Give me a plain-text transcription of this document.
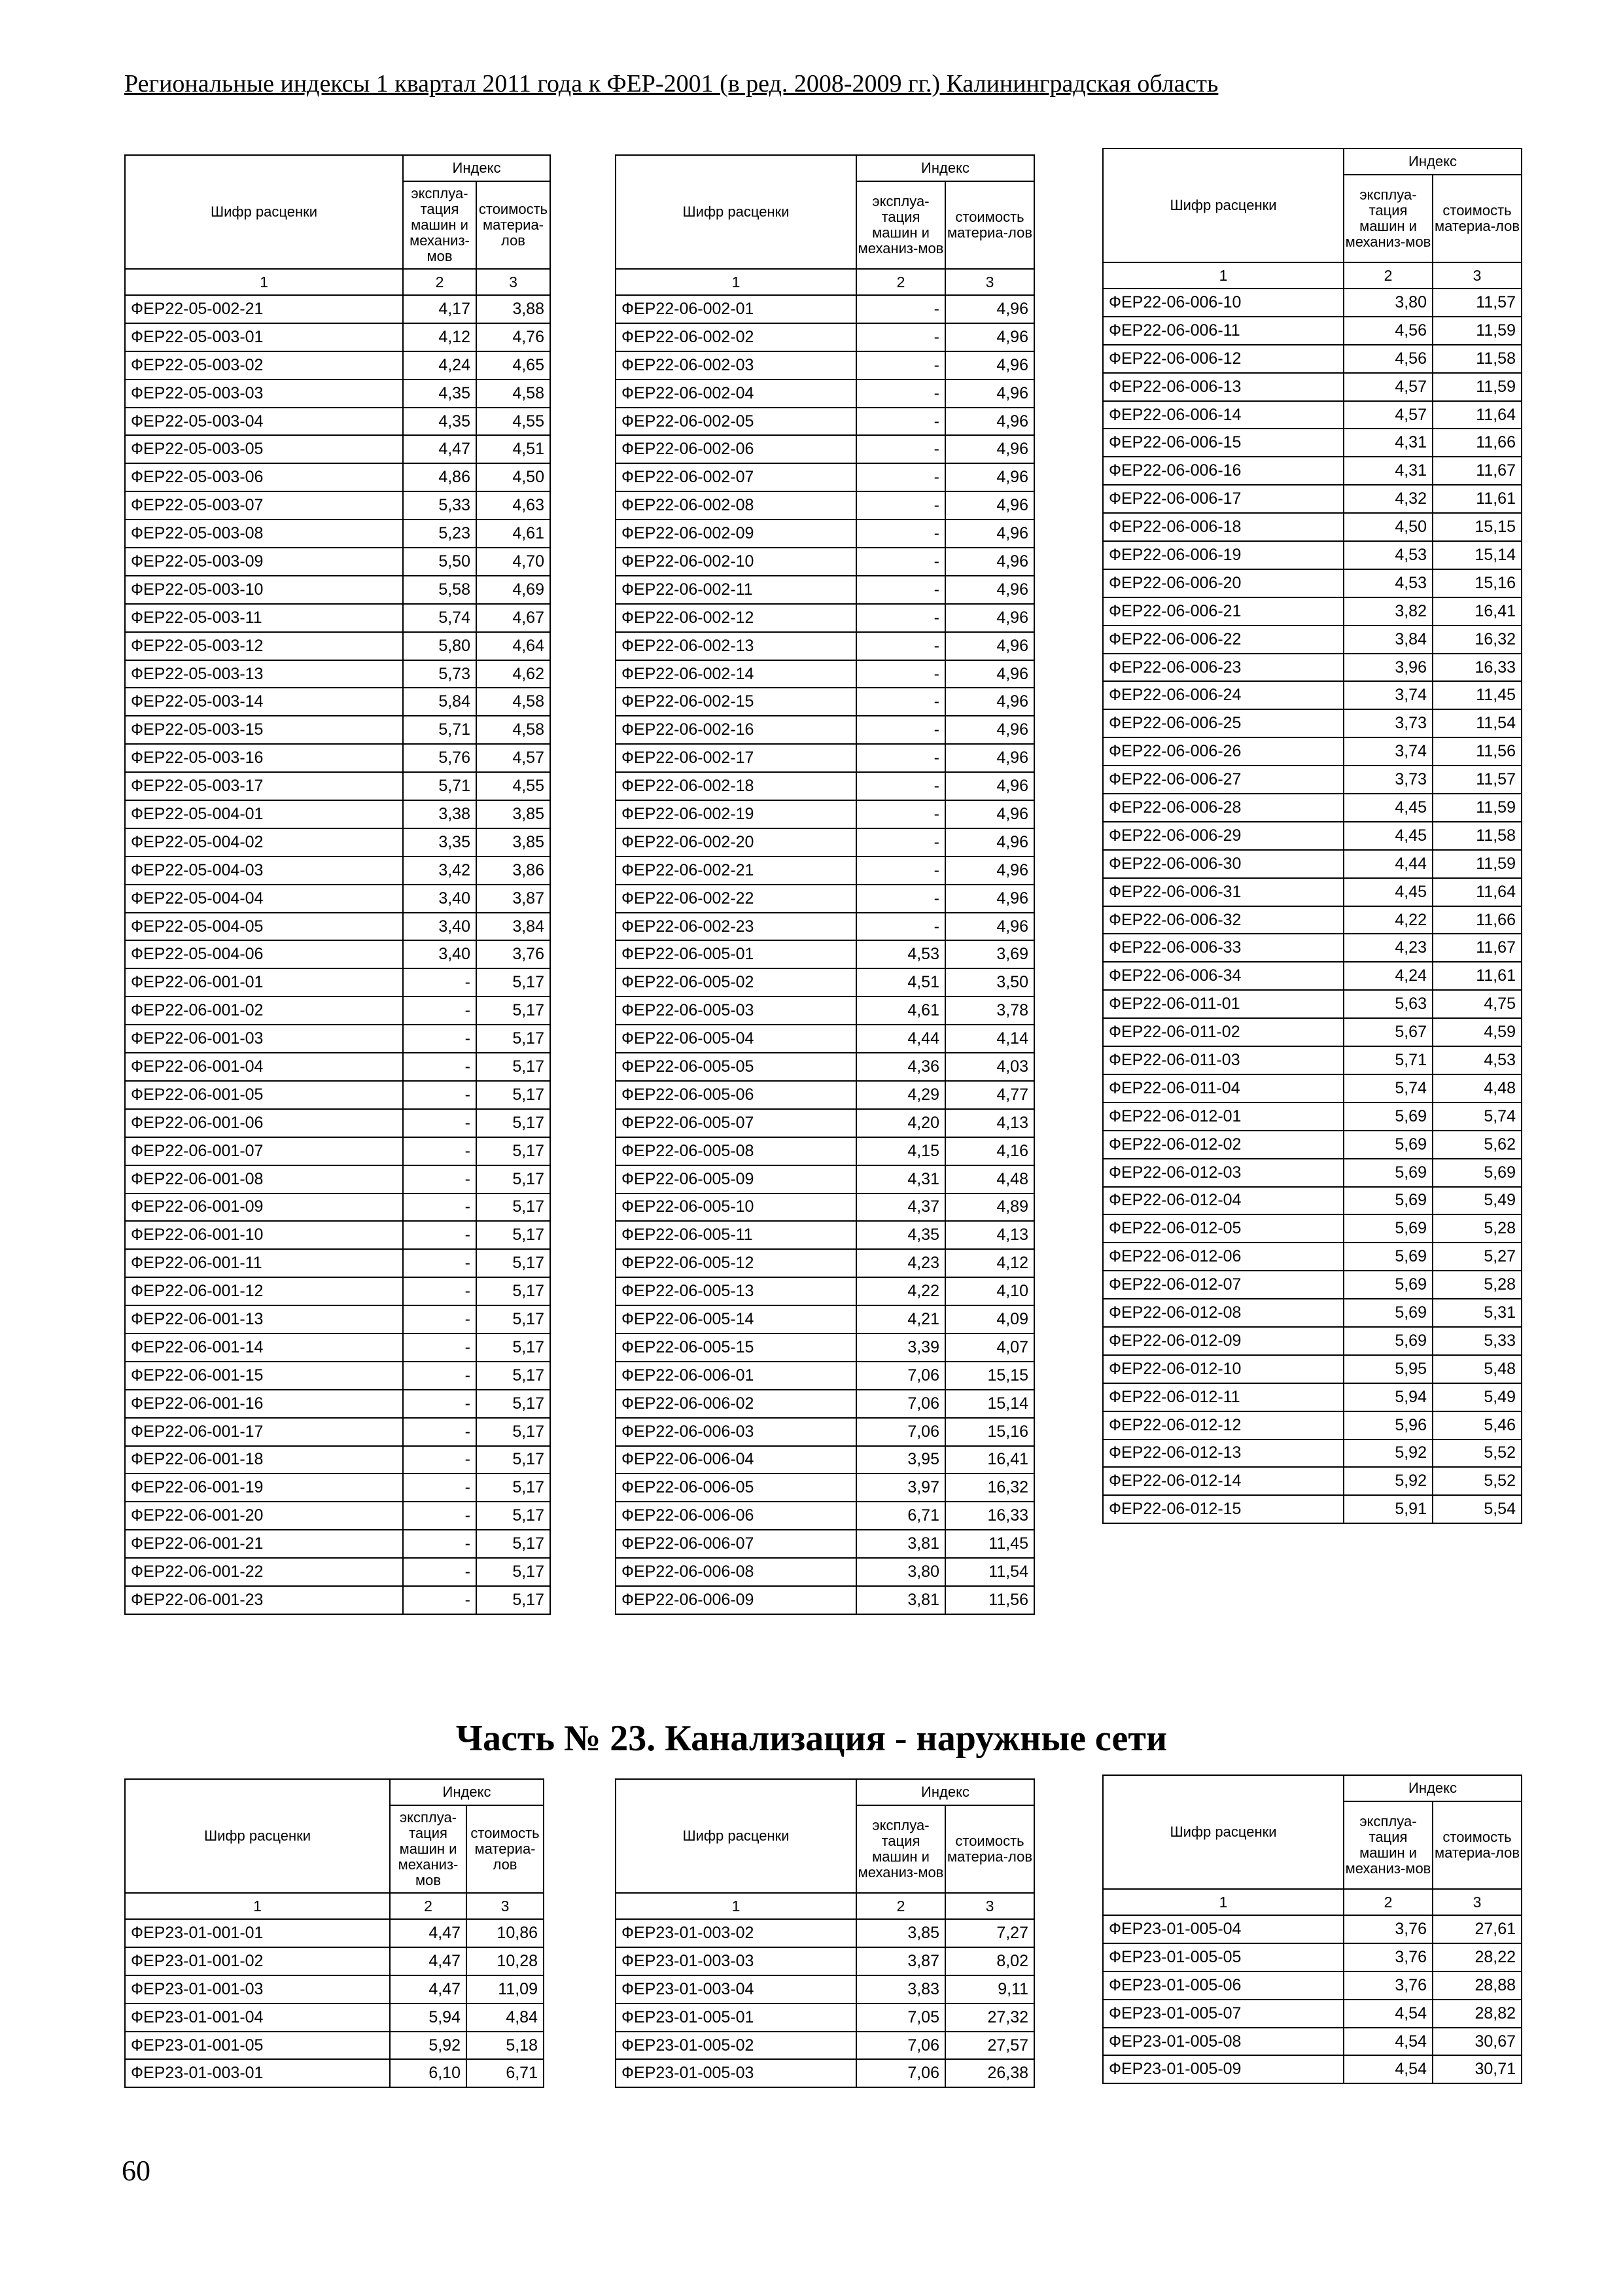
Региональные индексы 1 квартал 2011 года к ФЕР-2001 (в ред. 2008-2009 гг.) Калининградская область
Шифр расценки	Индекс	
	эксплуа-тация машин и механиз-мов	стоимость материа-лов
1	2	3
ФЕР22-05-002-21	4,17	3,88
ФЕР22-05-003-01	4,12	4,76
ФЕР22-05-003-02	4,24	4,65
ФЕР22-05-003-03	4,35	4,58
ФЕР22-05-003-04	4,35	4,55
ФЕР22-05-003-05	4,47	4,51
ФЕР22-05-003-06	4,86	4,50
ФЕР22-05-003-07	5,33	4,63
ФЕР22-05-003-08	5,23	4,61
ФЕР22-05-003-09	5,50	4,70
ФЕР22-05-003-10	5,58	4,69
ФЕР22-05-003-11	5,74	4,67
ФЕР22-05-003-12	5,80	4,64
ФЕР22-05-003-13	5,73	4,62
ФЕР22-05-003-14	5,84	4,58
ФЕР22-05-003-15	5,71	4,58
ФЕР22-05-003-16	5,76	4,57
ФЕР22-05-003-17	5,71	4,55
ФЕР22-05-004-01	3,38	3,85
ФЕР22-05-004-02	3,35	3,85
ФЕР22-05-004-03	3,42	3,86
ФЕР22-05-004-04	3,40	3,87
ФЕР22-05-004-05	3,40	3,84
ФЕР22-05-004-06	3,40	3,76
ФЕР22-06-001-01	-	5,17
ФЕР22-06-001-02	-	5,17
ФЕР22-06-001-03	-	5,17
ФЕР22-06-001-04	-	5,17
ФЕР22-06-001-05	-	5,17
ФЕР22-06-001-06	-	5,17
ФЕР22-06-001-07	-	5,17
ФЕР22-06-001-08	-	5,17
ФЕР22-06-001-09	-	5,17
ФЕР22-06-001-10	-	5,17
ФЕР22-06-001-11	-	5,17
ФЕР22-06-001-12	-	5,17
ФЕР22-06-001-13	-	5,17
ФЕР22-06-001-14	-	5,17
ФЕР22-06-001-15	-	5,17
ФЕР22-06-001-16	-	5,17
ФЕР22-06-001-17	-	5,17
ФЕР22-06-001-18	-	5,17
ФЕР22-06-001-19	-	5,17
ФЕР22-06-001-20	-	5,17
ФЕР22-06-001-21	-	5,17
ФЕР22-06-001-22	-	5,17
ФЕР22-06-001-23	-	5,17
Шифр расценки	Индекс	
	эксплуа-тация машин и механиз-мов	стоимость материа-лов
1	2	3
ФЕР22-06-002-01	-	4,96
ФЕР22-06-002-02	-	4,96
ФЕР22-06-002-03	-	4,96
ФЕР22-06-002-04	-	4,96
ФЕР22-06-002-05	-	4,96
ФЕР22-06-002-06	-	4,96
ФЕР22-06-002-07	-	4,96
ФЕР22-06-002-08	-	4,96
ФЕР22-06-002-09	-	4,96
ФЕР22-06-002-10	-	4,96
ФЕР22-06-002-11	-	4,96
ФЕР22-06-002-12	-	4,96
ФЕР22-06-002-13	-	4,96
ФЕР22-06-002-14	-	4,96
ФЕР22-06-002-15	-	4,96
ФЕР22-06-002-16	-	4,96
ФЕР22-06-002-17	-	4,96
ФЕР22-06-002-18	-	4,96
ФЕР22-06-002-19	-	4,96
ФЕР22-06-002-20	-	4,96
ФЕР22-06-002-21	-	4,96
ФЕР22-06-002-22	-	4,96
ФЕР22-06-002-23	-	4,96
ФЕР22-06-005-01	4,53	3,69
ФЕР22-06-005-02	4,51	3,50
ФЕР22-06-005-03	4,61	3,78
ФЕР22-06-005-04	4,44	4,14
ФЕР22-06-005-05	4,36	4,03
ФЕР22-06-005-06	4,29	4,77
ФЕР22-06-005-07	4,20	4,13
ФЕР22-06-005-08	4,15	4,16
ФЕР22-06-005-09	4,31	4,48
ФЕР22-06-005-10	4,37	4,89
ФЕР22-06-005-11	4,35	4,13
ФЕР22-06-005-12	4,23	4,12
ФЕР22-06-005-13	4,22	4,10
ФЕР22-06-005-14	4,21	4,09
ФЕР22-06-005-15	3,39	4,07
ФЕР22-06-006-01	7,06	15,15
ФЕР22-06-006-02	7,06	15,14
ФЕР22-06-006-03	7,06	15,16
ФЕР22-06-006-04	3,95	16,41
ФЕР22-06-006-05	3,97	16,32
ФЕР22-06-006-06	6,71	16,33
ФЕР22-06-006-07	3,81	11,45
ФЕР22-06-006-08	3,80	11,54
ФЕР22-06-006-09	3,81	11,56
Шифр расценки	Индекс	
	эксплуа-тация машин и механиз-мов	стоимость материа-лов
1	2	3
ФЕР22-06-006-10	3,80	11,57
ФЕР22-06-006-11	4,56	11,59
ФЕР22-06-006-12	4,56	11,58
ФЕР22-06-006-13	4,57	11,59
ФЕР22-06-006-14	4,57	11,64
ФЕР22-06-006-15	4,31	11,66
ФЕР22-06-006-16	4,31	11,67
ФЕР22-06-006-17	4,32	11,61
ФЕР22-06-006-18	4,50	15,15
ФЕР22-06-006-19	4,53	15,14
ФЕР22-06-006-20	4,53	15,16
ФЕР22-06-006-21	3,82	16,41
ФЕР22-06-006-22	3,84	16,32
ФЕР22-06-006-23	3,96	16,33
ФЕР22-06-006-24	3,74	11,45
ФЕР22-06-006-25	3,73	11,54
ФЕР22-06-006-26	3,74	11,56
ФЕР22-06-006-27	3,73	11,57
ФЕР22-06-006-28	4,45	11,59
ФЕР22-06-006-29	4,45	11,58
ФЕР22-06-006-30	4,44	11,59
ФЕР22-06-006-31	4,45	11,64
ФЕР22-06-006-32	4,22	11,66
ФЕР22-06-006-33	4,23	11,67
ФЕР22-06-006-34	4,24	11,61
ФЕР22-06-011-01	5,63	4,75
ФЕР22-06-011-02	5,67	4,59
ФЕР22-06-011-03	5,71	4,53
ФЕР22-06-011-04	5,74	4,48
ФЕР22-06-012-01	5,69	5,74
ФЕР22-06-012-02	5,69	5,62
ФЕР22-06-012-03	5,69	5,69
ФЕР22-06-012-04	5,69	5,49
ФЕР22-06-012-05	5,69	5,28
ФЕР22-06-012-06	5,69	5,27
ФЕР22-06-012-07	5,69	5,28
ФЕР22-06-012-08	5,69	5,31
ФЕР22-06-012-09	5,69	5,33
ФЕР22-06-012-10	5,95	5,48
ФЕР22-06-012-11	5,94	5,49
ФЕР22-06-012-12	5,96	5,46
ФЕР22-06-012-13	5,92	5,52
ФЕР22-06-012-14	5,92	5,52
ФЕР22-06-012-15	5,91	5,54
Часть № 23. Канализация - наружные сети
Шифр расценки	Индекс	
	эксплуа-тация машин и механиз-мов	стоимость материа-лов
1	2	3
ФЕР23-01-001-01	4,47	10,86
ФЕР23-01-001-02	4,47	10,28
ФЕР23-01-001-03	4,47	11,09
ФЕР23-01-001-04	5,94	4,84
ФЕР23-01-001-05	5,92	5,18
ФЕР23-01-003-01	6,10	6,71
Шифр расценки	Индекс	
	эксплуа-тация машин и механиз-мов	стоимость материа-лов
1	2	3
ФЕР23-01-003-02	3,85	7,27
ФЕР23-01-003-03	3,87	8,02
ФЕР23-01-003-04	3,83	9,11
ФЕР23-01-005-01	7,05	27,32
ФЕР23-01-005-02	7,06	27,57
ФЕР23-01-005-03	7,06	26,38
Шифр расценки	Индекс	
	эксплуа-тация машин и механиз-мов	стоимость материа-лов
1	2	3
ФЕР23-01-005-04	3,76	27,61
ФЕР23-01-005-05	3,76	28,22
ФЕР23-01-005-06	3,76	28,88
ФЕР23-01-005-07	4,54	28,82
ФЕР23-01-005-08	4,54	30,67
ФЕР23-01-005-09	4,54	30,71
60
